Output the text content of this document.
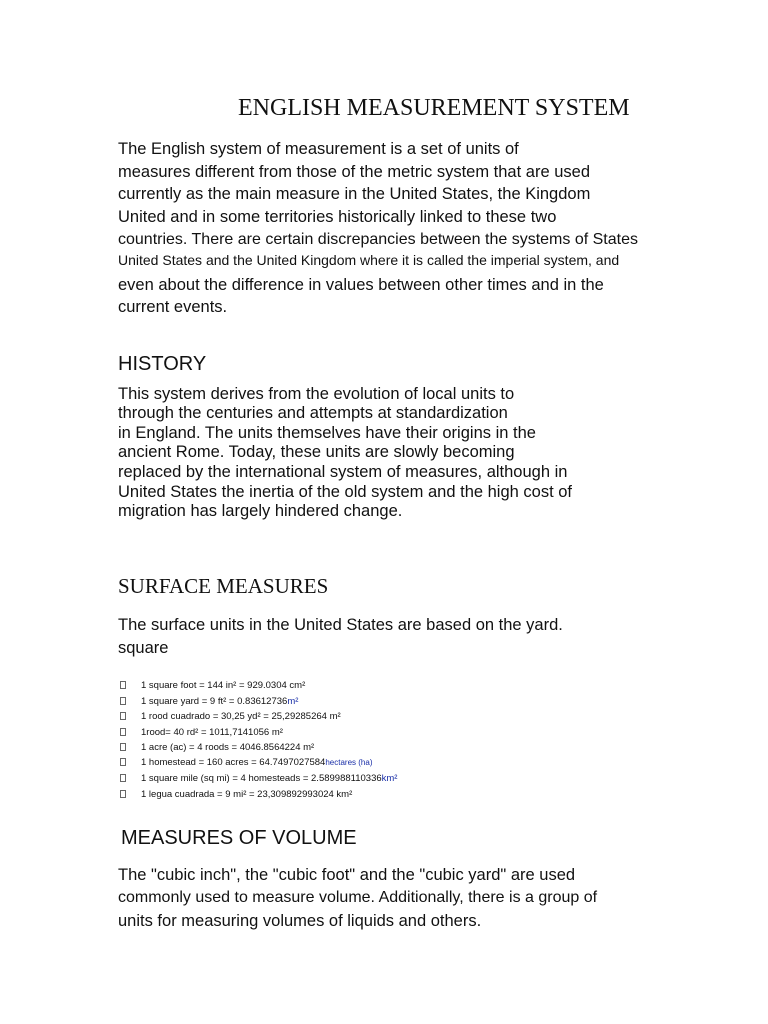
ENGLISH MEASUREMENT SYSTEM
The English system of measurement is a set of units of
measures different from those of the metric system that are used
currently as the main measure in the United States, the Kingdom
United and in some territories historically linked to these two
countries. There are certain discrepancies between the systems of States
United States and the United Kingdom where it is called the imperial system, and
even about the difference in values between other times and in the
current events.
HISTORY
This system derives from the evolution of local units to
through the centuries and attempts at standardization
in England. The units themselves have their origins in the
ancient Rome. Today, these units are slowly becoming
replaced by the international system of measures, although in
United States the inertia of the old system and the high cost of
migration has largely hindered change.
SURFACE MEASURES
The surface units in the United States are based on the yard.
square
1 square foot = 144 in² = 929.0304 cm²
1 square yard = 9 ft² = 0.83612736 m²
1 rood cuadrado = 30,25 yd² = 25,29285264 m²
1rood= 40 rd² = 1011,7141056 m²
1 acre (ac) = 4 roods = 4046.8564224 m²
1 homestead = 160 acres = 64.7497027584 hectares (ha)
1 square mile (sq mi) = 4 homesteads = 2.589988110336 km²
1 legua cuadrada = 9 mi² = 23,309892993024 km²
MEASURES OF VOLUME
The "cubic inch", the "cubic foot" and the "cubic yard" are used
commonly used to measure volume. Additionally, there is a group of
units for measuring volumes of liquids and others.
